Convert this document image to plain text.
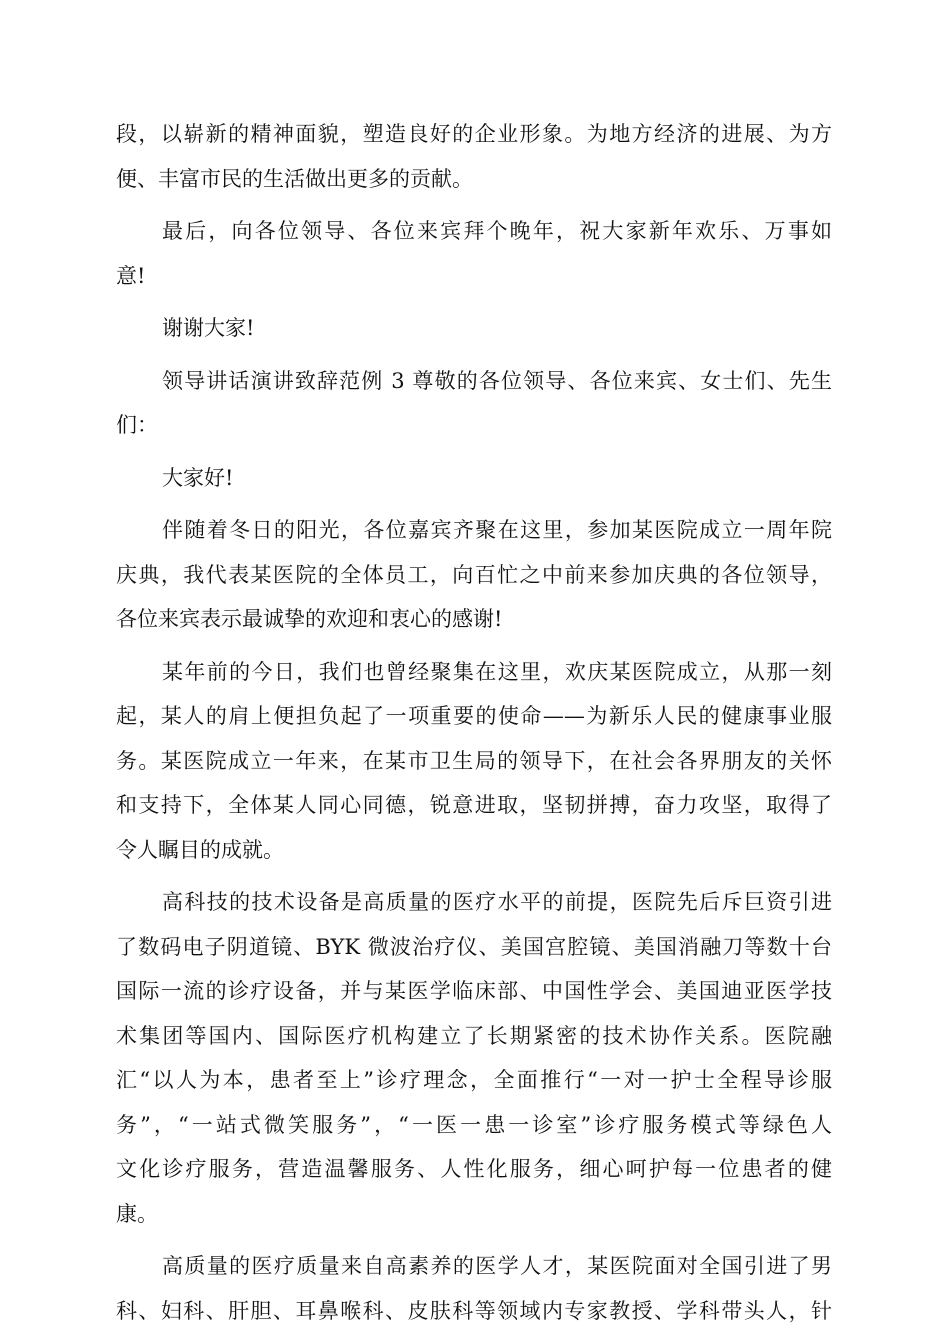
段，以崭新的精神面貌，塑造良好的企业形象。为地方经济的进展、为方
便、丰富市民的生活做出更多的贡献。
最后，向各位领导、各位来宾拜个晚年，祝大家新年欢乐、万事如
意!
谢谢大家!
领导讲话演讲致辞范例 3 尊敬的各位领导、各位来宾、女士们、先生
们：
大家好!
伴随着冬日的阳光，各位嘉宾齐聚在这里，参加某医院成立一周年院
庆典，我代表某医院的全体员工，向百忙之中前来参加庆典的各位领导，
各位来宾表示最诚挚的欢迎和衷心的感谢!
某年前的今日，我们也曾经聚集在这里，欢庆某医院成立，从那一刻
起，某人的肩上便担负起了一项重要的使命——为新乐人民的健康事业服
务。某医院成立一年来，在某市卫生局的领导下，在社会各界朋友的关怀
和支持下，全体某人同心同德，锐意进取，坚韧拼搏，奋力攻坚，取得了
令人瞩目的成就。
高科技的技术设备是高质量的医疗水平的前提，医院先后斥巨资引进
了数码电子阴道镜、BYK 微波治疗仪、美国宫腔镜、美国消融刀等数十台
国际一流的诊疗设备，并与某医学临床部、中国性学会、美国迪亚医学技
术集团等国内、国际医疗机构建立了长期紧密的技术协作关系。医院融
汇“以人为本，患者至上”诊疗理念，全面推行“一对一护士全程导诊服
务”，“一站式微笑服务”，“一医一患一诊室”诊疗服务模式等绿色人
文化诊疗服务，营造温馨服务、人性化服务，细心呵护每一位患者的健
康。
高质量的医疗质量来自高素养的医学人才，某医院面对全国引进了男
科、妇科、肝胆、耳鼻喉科、皮肤科等领域内专家教授、学科带头人，针
